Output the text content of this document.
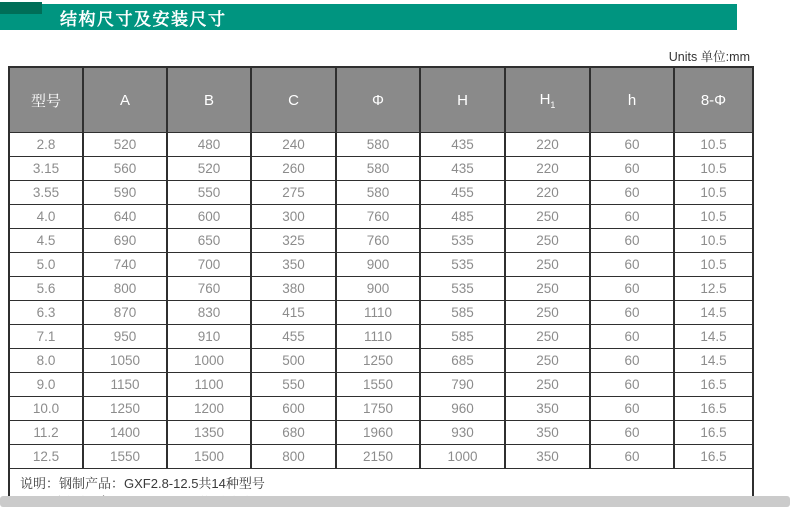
结构尺寸及安装尺寸
Units 单位:mm
型号	A	B	C	Φ	H	$H_1$	h	8-Φ
2.8	520	480	240	580	435	220	60	10.5
3.15	560	520	260	580	435	220	60	10.5
3.55	590	550	275	580	455	220	60	10.5
4.0	640	600	300	760	485	250	60	10.5
4.5	690	650	325	760	535	250	60	10.5
5.0	740	700	350	900	535	250	60	10.5
5.6	800	760	380	900	535	250	60	12.5
6.3	870	830	415	1110	585	250	60	14.5
7.1	950	910	455	1110	585	250	60	14.5
8.0	1050	1000	500	1250	685	250	60	14.5
9.0	1150	1100	550	1550	790	250	60	16.5
10.0	1250	1200	600	1750	960	350	60	16.5
11.2	1400	1350	680	1960	930	350	60	16.5
12.5	1550	1500	800	2150	1000	350	60	16.5

说明：钢制产品：GXF2.8-12.5共14种型号								
